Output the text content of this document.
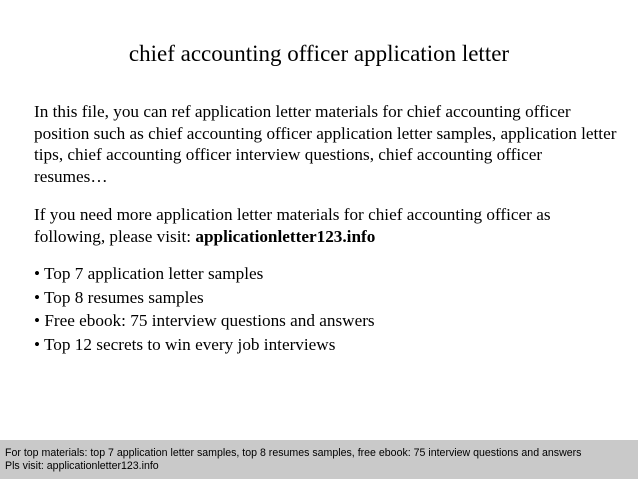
chief accounting officer application letter

In this file, you can ref application letter materials for chief accounting officer
position such as chief accounting officer application letter samples, application letter
tips, chief accounting officer interview questions, chief accounting officer
resumes…

If you need more application letter materials for chief accounting officer as
following, please visit: applicationletter123.info

• Top 7 application letter samples
• Top 8 resumes samples
• Free ebook: 75 interview questions and answers
• Top 12 secrets to win every job interviews
For top materials: top 7 application letter samples, top 8 resumes samples, free ebook: 75 interview questions and answers
Pls visit: applicationletter123.info
